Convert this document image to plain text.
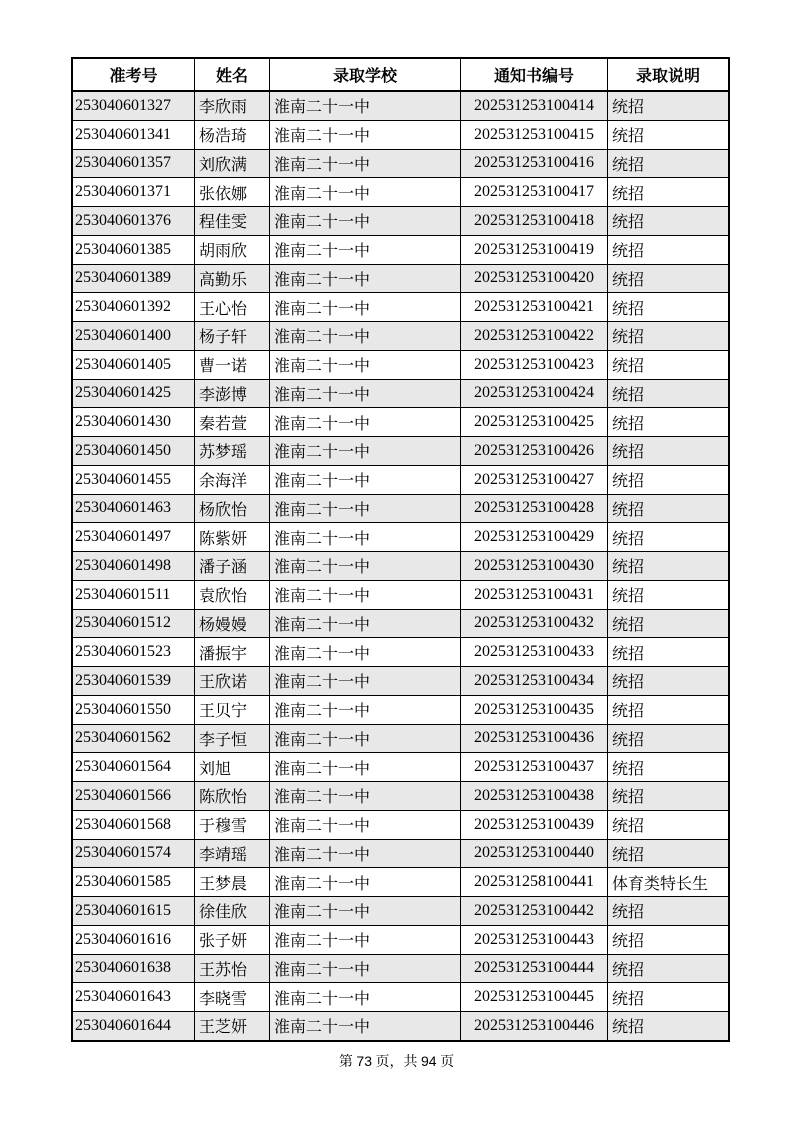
准考号	姓名	录取学校	通知书编号	录取说明
253040601327	李欣雨	淮南二十一中	202531253100414	统招
253040601341	杨浩琦	淮南二十一中	202531253100415	统招
253040601357	刘欣满	淮南二十一中	202531253100416	统招
253040601371	张依娜	淮南二十一中	202531253100417	统招
253040601376	程佳雯	淮南二十一中	202531253100418	统招
253040601385	胡雨欣	淮南二十一中	202531253100419	统招
253040601389	高勤乐	淮南二十一中	202531253100420	统招
253040601392	王心怡	淮南二十一中	202531253100421	统招
253040601400	杨子轩	淮南二十一中	202531253100422	统招
253040601405	曹一诺	淮南二十一中	202531253100423	统招
253040601425	李澎博	淮南二十一中	202531253100424	统招
253040601430	秦若萱	淮南二十一中	202531253100425	统招
253040601450	苏梦瑶	淮南二十一中	202531253100426	统招
253040601455	余海洋	淮南二十一中	202531253100427	统招
253040601463	杨欣怡	淮南二十一中	202531253100428	统招
253040601497	陈紫妍	淮南二十一中	202531253100429	统招
253040601498	潘子涵	淮南二十一中	202531253100430	统招
253040601511	袁欣怡	淮南二十一中	202531253100431	统招
253040601512	杨嫚嫚	淮南二十一中	202531253100432	统招
253040601523	潘振宇	淮南二十一中	202531253100433	统招
253040601539	王欣诺	淮南二十一中	202531253100434	统招
253040601550	王贝宁	淮南二十一中	202531253100435	统招
253040601562	李子恒	淮南二十一中	202531253100436	统招
253040601564	刘旭	淮南二十一中	202531253100437	统招
253040601566	陈欣怡	淮南二十一中	202531253100438	统招
253040601568	于穆雪	淮南二十一中	202531253100439	统招
253040601574	李靖瑶	淮南二十一中	202531253100440	统招
253040601585	王梦晨	淮南二十一中	202531258100441	体育类特长生
253040601615	徐佳欣	淮南二十一中	202531253100442	统招
253040601616	张子妍	淮南二十一中	202531253100443	统招
253040601638	王苏怡	淮南二十一中	202531253100444	统招
253040601643	李晓雪	淮南二十一中	202531253100445	统招
253040601644	王芝妍	淮南二十一中	202531253100446	统招
第 73 页，共 94 页
